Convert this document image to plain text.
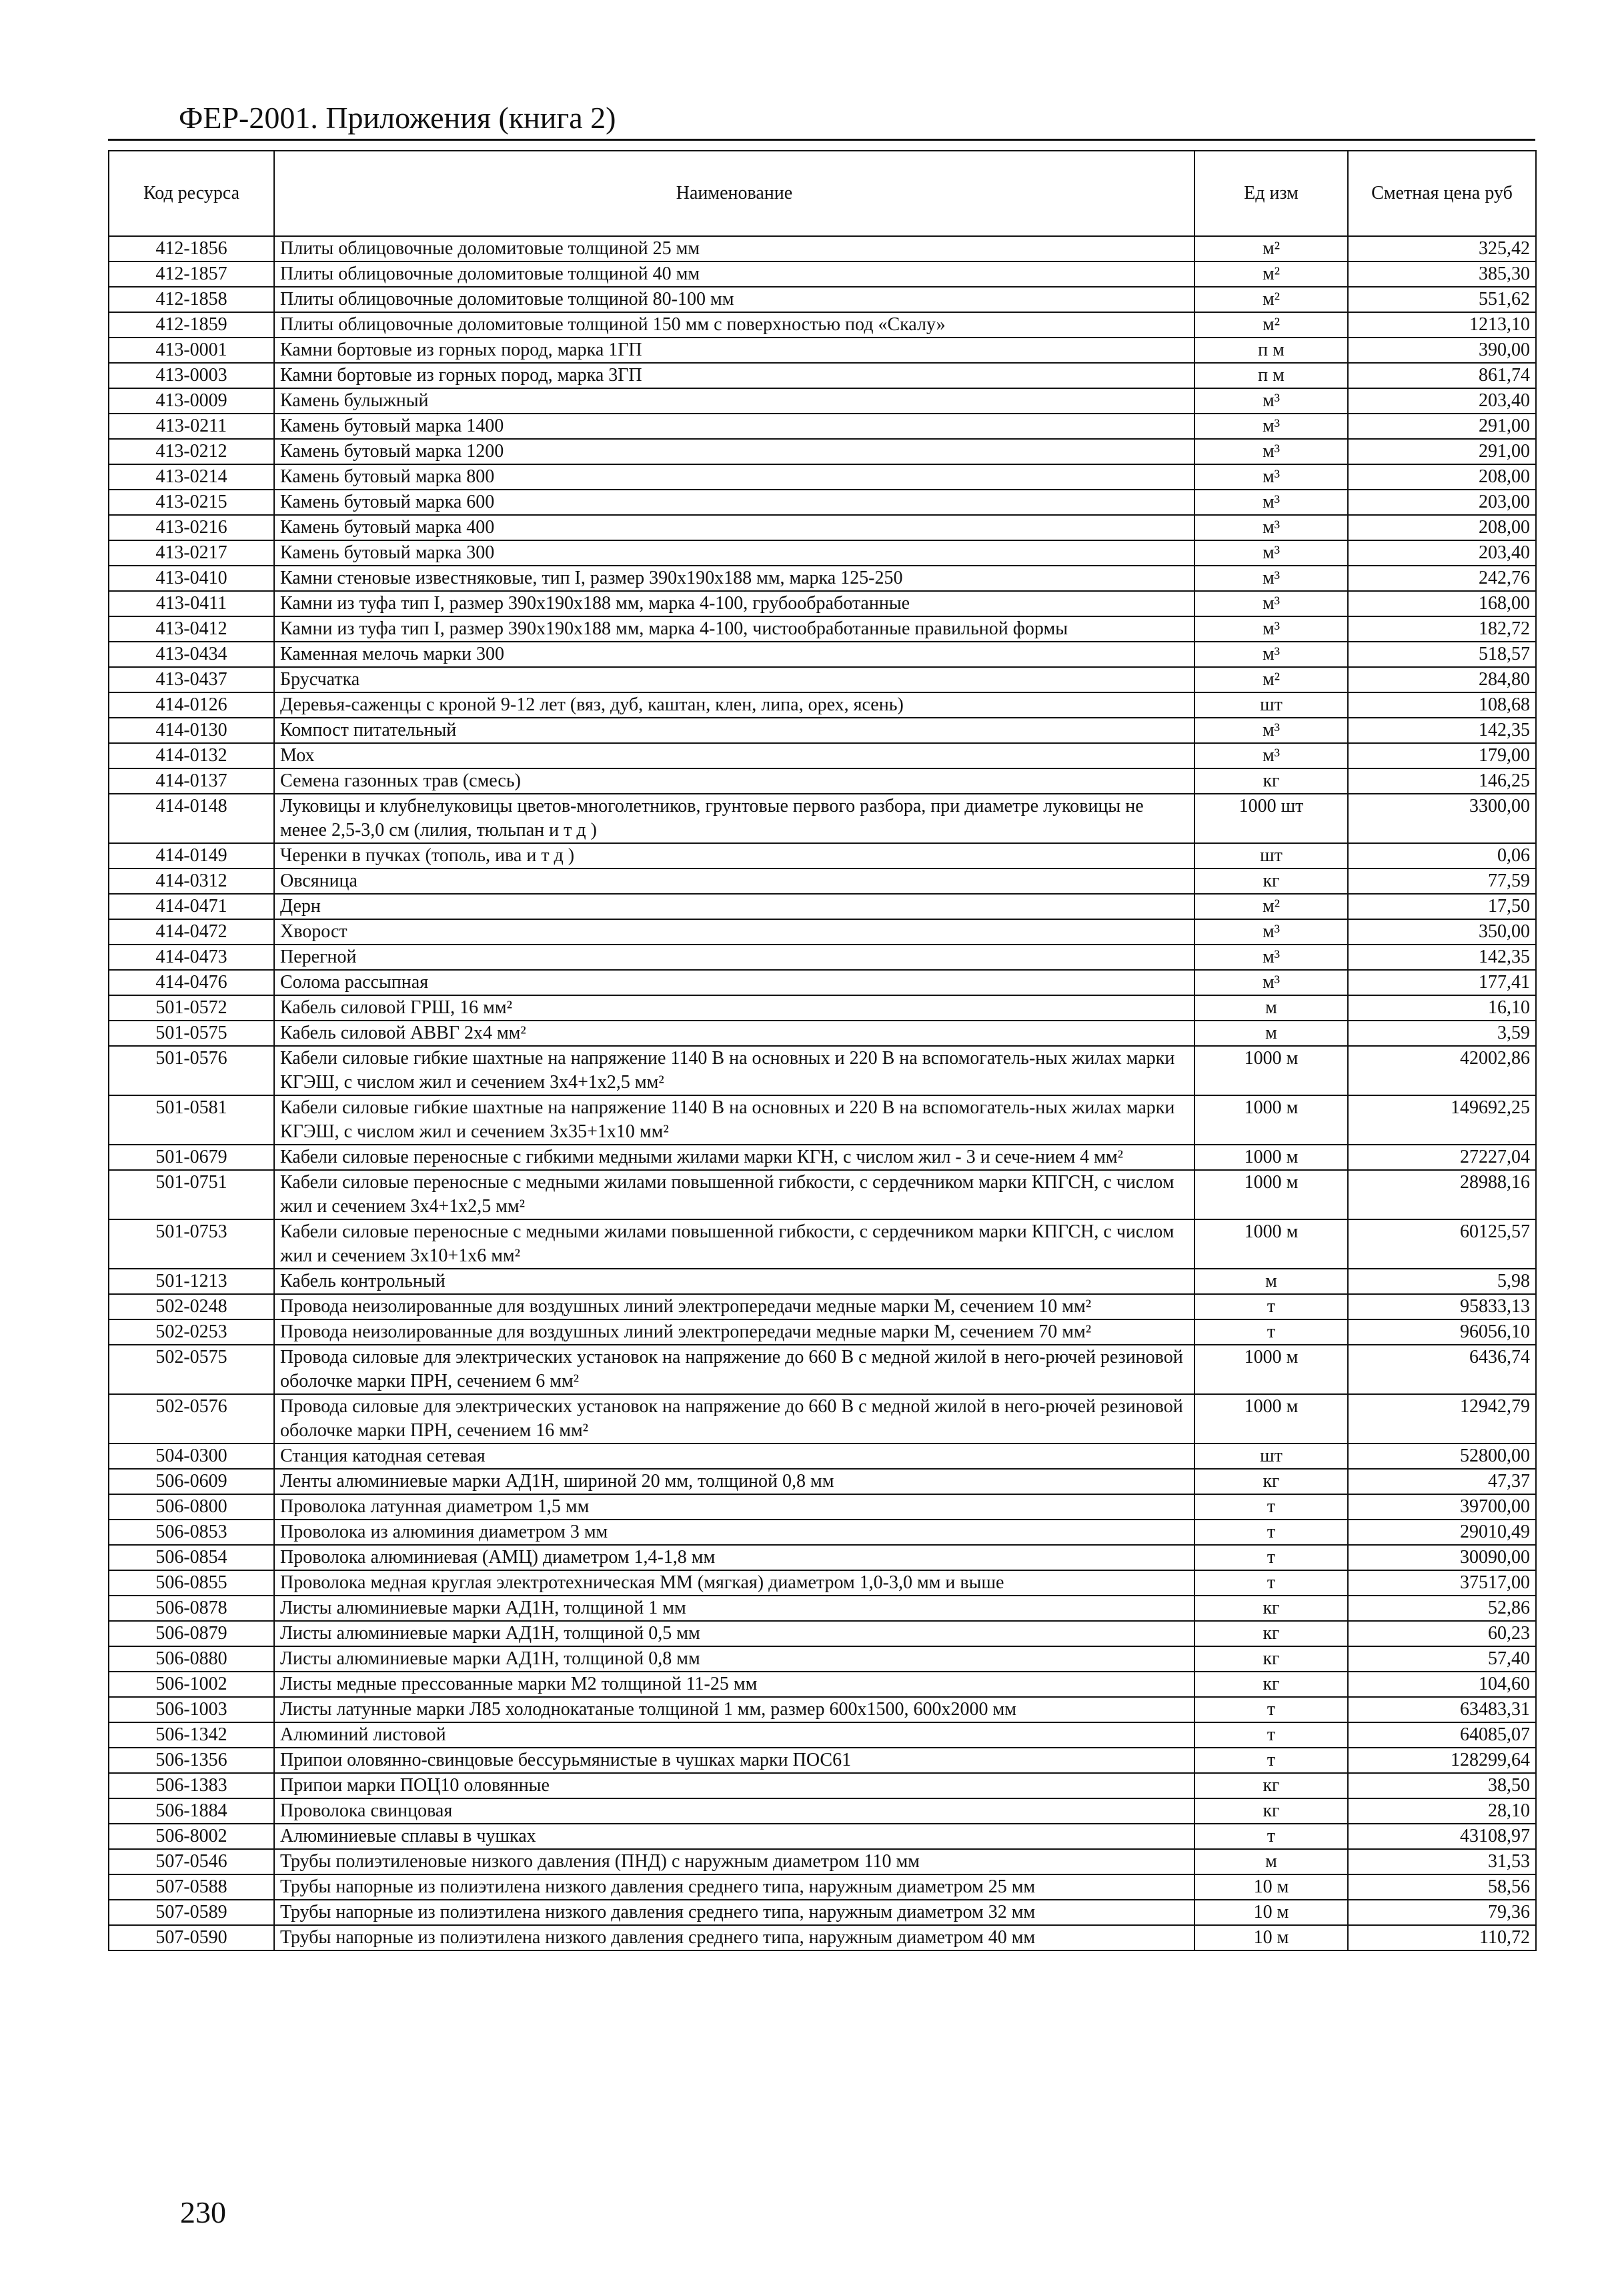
ФЕР-2001. Приложения (книга 2)
Код ресурса	Наименование	Ед изм	Сметная цена руб
412-1856	Плиты облицовочные доломитовые толщиной 25 мм	м²	325,42
412-1857	Плиты облицовочные доломитовые толщиной 40 мм	м²	385,30
412-1858	Плиты облицовочные доломитовые толщиной 80-100 мм	м²	551,62
412-1859	Плиты облицовочные доломитовые толщиной 150 мм с поверхностью под «Скалу»	м²	1213,10
413-0001	Камни бортовые из горных пород, марка 1ГП	п м	390,00
413-0003	Камни бортовые из горных пород, марка 3ГП	п м	861,74
413-0009	Камень булыжный	м³	203,40
413-0211	Камень бутовый марка 1400	м³	291,00
413-0212	Камень бутовый марка 1200	м³	291,00
413-0214	Камень бутовый марка 800	м³	208,00
413-0215	Камень бутовый марка 600	м³	203,00
413-0216	Камень бутовый марка 400	м³	208,00
413-0217	Камень бутовый марка 300	м³	203,40
413-0410	Камни стеновые известняковые, тип I, размер 390x190x188 мм, марка 125-250	м³	242,76
413-0411	Камни из туфа тип I, размер 390x190x188 мм, марка 4-100, грубообработанные	м³	168,00
413-0412	Камни из туфа тип I, размер 390x190x188 мм, марка 4-100, чистообработанные правильной формы	м³	182,72
413-0434	Каменная мелочь марки 300	м³	518,57
413-0437	Брусчатка	м²	284,80
414-0126	Деревья-саженцы с кроной 9-12 лет (вяз, дуб, каштан, клен, липа, орех, ясень)	шт	108,68
414-0130	Компост питательный	м³	142,35
414-0132	Мох	м³	179,00
414-0137	Семена газонных трав (смесь)	кг	146,25
414-0148	Луковицы и клубнелуковицы цветов-многолетников, грунтовые первого разбора, при диаметре луковицы не менее 2,5-3,0 см (лилия, тюльпан и т д )	1000 шт	3300,00
414-0149	Черенки в пучках (тополь, ива и т д )	шт	0,06
414-0312	Овсяница	кг	77,59
414-0471	Дерн	м²	17,50
414-0472	Хворост	м³	350,00
414-0473	Перегной	м³	142,35
414-0476	Солома рассыпная	м³	177,41
501-0572	Кабель силовой ГРШ, 16 мм²	м	16,10
501-0575	Кабель силовой АВВГ 2х4 мм²	м	3,59
501-0576	Кабели силовые гибкие шахтные на напряжение 1140 В на основных и 220 В на вспомогатель-ных жилах марки КГЭШ, с числом жил и сечением 3х4+1х2,5 мм²	1000 м	42002,86
501-0581	Кабели силовые гибкие шахтные на напряжение 1140 В на основных и 220 В на вспомогатель-ных жилах марки КГЭШ, с числом жил и сечением 3х35+1х10 мм²	1000 м	149692,25
501-0679	Кабели силовые переносные с гибкими медными жилами марки КГН, с числом жил - 3 и сече-нием 4 мм²	1000 м	27227,04
501-0751	Кабели силовые переносные с медными жилами повышенной гибкости, с сердечником марки КПГСН, с числом жил и сечением 3х4+1х2,5 мм²	1000 м	28988,16
501-0753	Кабели силовые переносные с медными жилами повышенной гибкости, с сердечником марки КПГСН, с числом жил и сечением 3х10+1х6 мм²	1000 м	60125,57
501-1213	Кабель контрольный	м	5,98
502-0248	Провода неизолированные для воздушных линий электропередачи медные марки М, сечением 10 мм²	т	95833,13
502-0253	Провода неизолированные для воздушных линий электропередачи медные марки М, сечением 70 мм²	т	96056,10
502-0575	Провода силовые для электрических установок на напряжение до 660 В с медной жилой в него-рючей резиновой оболочке марки ПРН, сечением 6 мм²	1000 м	6436,74
502-0576	Провода силовые для электрических установок на напряжение до 660 В с медной жилой в него-рючей резиновой оболочке марки ПРН, сечением 16 мм²	1000 м	12942,79
504-0300	Станция катодная сетевая	шт	52800,00
506-0609	Ленты алюминиевые марки АД1Н, шириной 20 мм, толщиной 0,8 мм	кг	47,37
506-0800	Проволока латунная диаметром 1,5 мм	т	39700,00
506-0853	Проволока из алюминия диаметром 3 мм	т	29010,49
506-0854	Проволока алюминиевая (АМЦ) диаметром 1,4-1,8 мм	т	30090,00
506-0855	Проволока медная круглая электротехническая ММ (мягкая) диаметром 1,0-3,0 мм и выше	т	37517,00
506-0878	Листы алюминиевые марки АД1Н, толщиной 1 мм	кг	52,86
506-0879	Листы алюминиевые марки АД1Н, толщиной 0,5 мм	кг	60,23
506-0880	Листы алюминиевые марки АД1Н, толщиной 0,8 мм	кг	57,40
506-1002	Листы медные прессованные марки М2 толщиной 11-25 мм	кг	104,60
506-1003	Листы латунные марки Л85 холоднокатаные толщиной 1 мм, размер 600х1500, 600х2000 мм	т	63483,31
506-1342	Алюминий листовой	т	64085,07
506-1356	Припои оловянно-свинцовые бессурьмянистые в чушках марки ПОС61	т	128299,64
506-1383	Припои марки ПОЦ10 оловянные	кг	38,50
506-1884	Проволока свинцовая	кг	28,10
506-8002	Алюминиевые сплавы в чушках	т	43108,97
507-0546	Трубы полиэтиленовые низкого давления (ПНД) с наружным диаметром 110 мм	м	31,53
507-0588	Трубы напорные из полиэтилена низкого давления среднего типа, наружным диаметром 25 мм	10 м	58,56
507-0589	Трубы напорные из полиэтилена низкого давления среднего типа, наружным диаметром 32 мм	10 м	79,36
507-0590	Трубы напорные из полиэтилена низкого давления среднего типа, наружным диаметром 40 мм	10 м	110,72
230
